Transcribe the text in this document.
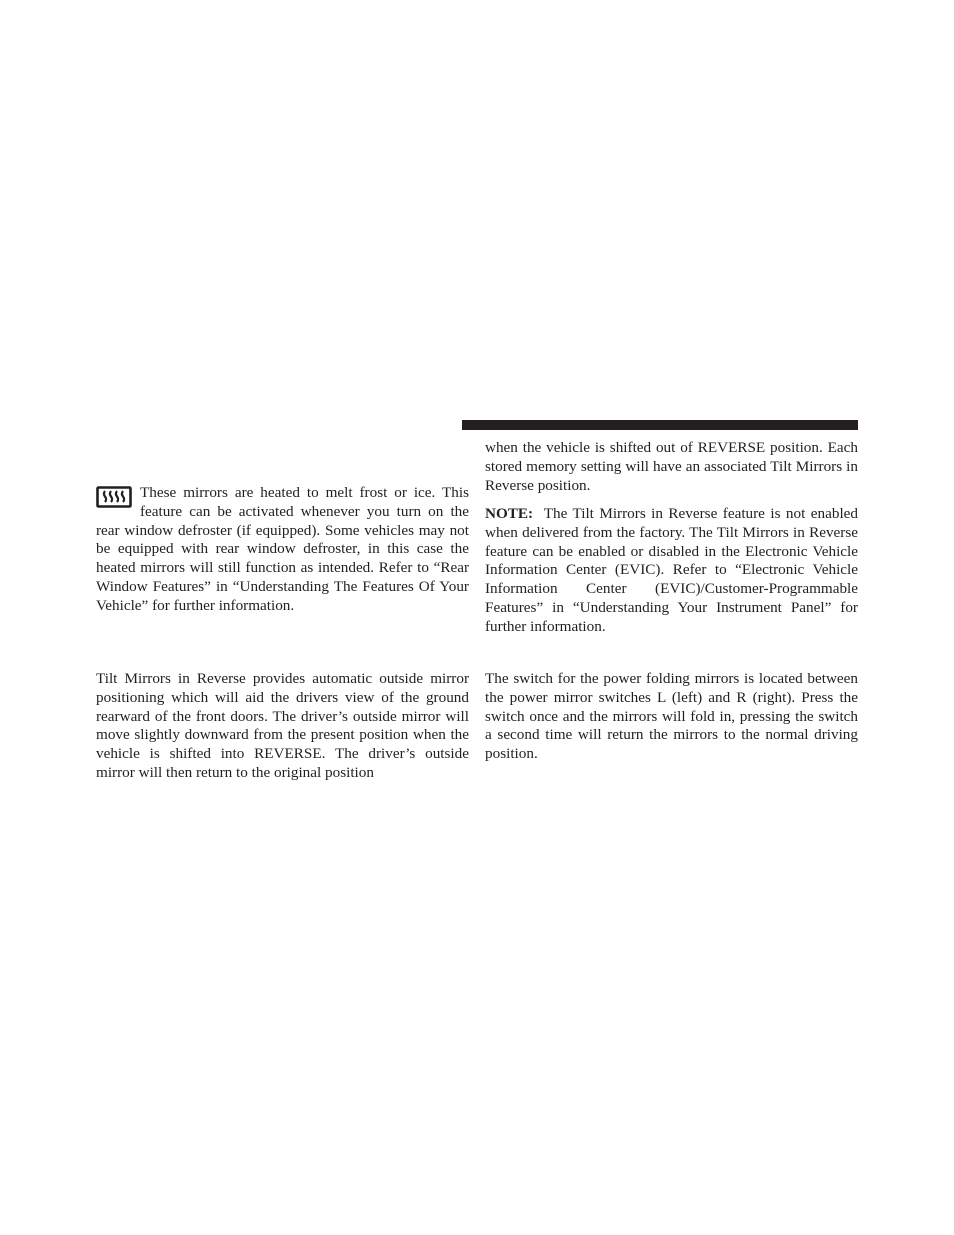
These mirrors are heated to melt frost or ice. This feature can be activated whenever you turn on the rear window defroster (if equipped). Some vehicles may not be equipped with rear window defroster, in this case the heated mirrors will still function as intended. Refer to “Rear Window Features” in “Understanding The Features Of Your Vehicle” for further information.

Tilt Mirrors in Reverse provides automatic outside mirror positioning which will aid the drivers view of the ground rearward of the front doors. The driver’s outside mirror will move slightly downward from the present position when the vehicle is shifted into REVERSE. The driver’s outside mirror will then return to the original position

when the vehicle is shifted out of REVERSE position. Each stored memory setting will have an associated Tilt Mirrors in Reverse position.

NOTE: The Tilt Mirrors in Reverse feature is not enabled when delivered from the factory. The Tilt Mirrors in Reverse feature can be enabled or disabled in the Electronic Vehicle Information Center (EVIC). Refer to “Electronic Vehicle Information Center (EVIC)/Customer-Programmable Features” in “Understanding Your Instrument Panel” for further information.

The switch for the power folding mirrors is located between the power mirror switches L (left) and R (right). Press the switch once and the mirrors will fold in, pressing the switch a second time will return the mirrors to the normal driving position.
